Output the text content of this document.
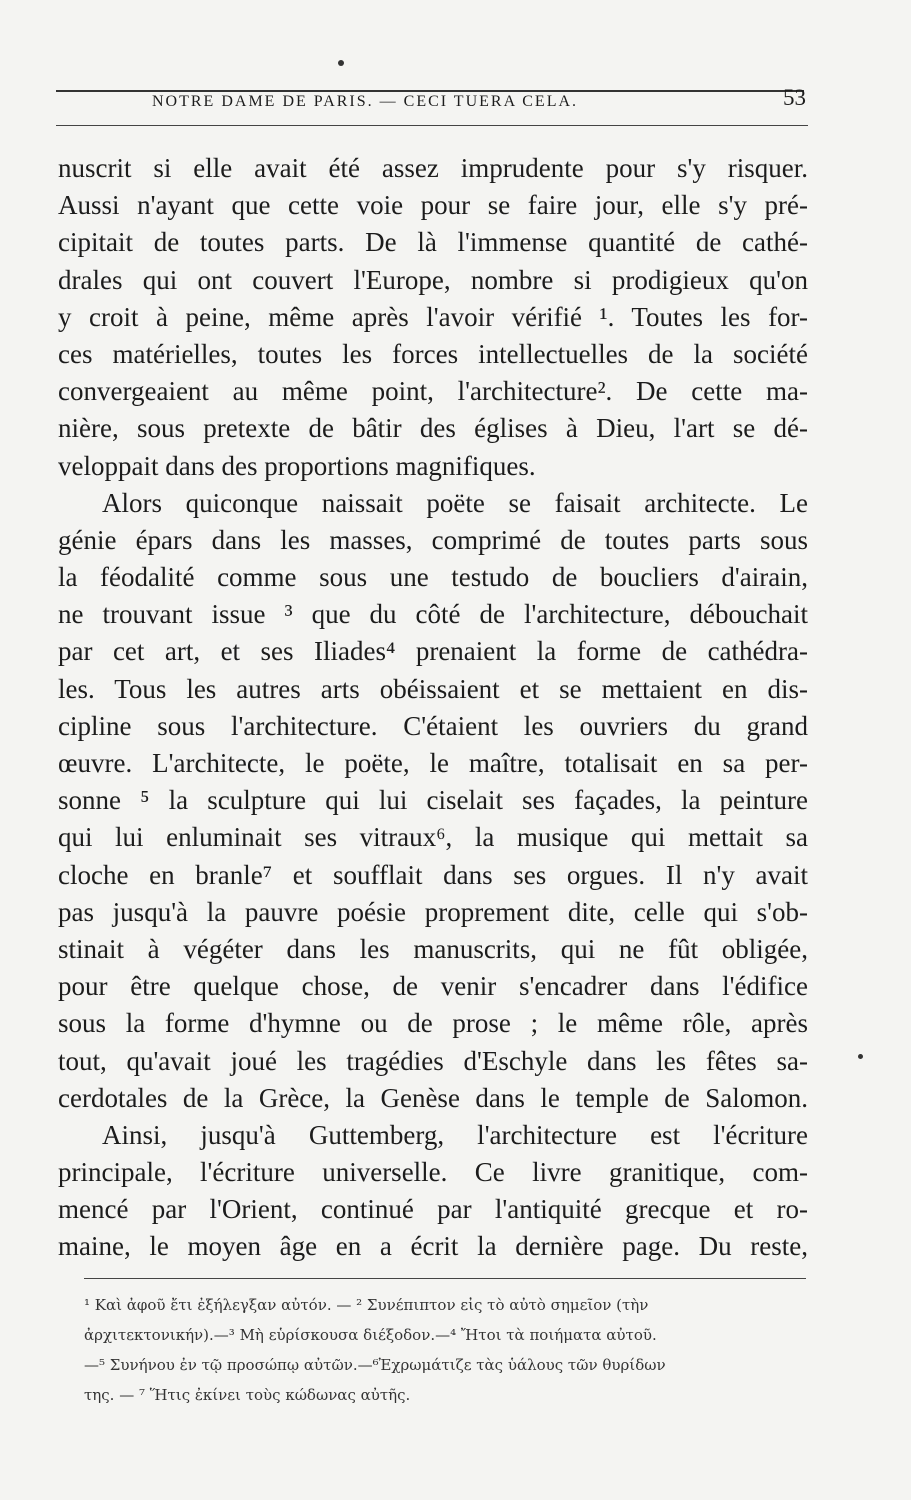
NOTRE DAME DE PARIS. — CECI TUERA CELA.	53
nuscrit si elle avait été assez imprudente pour s'y risquer.
Aussi n'ayant que cette voie pour se faire jour, elle s'y pré-
cipitait de toutes parts. De là l'immense quantité de cathé-
drales qui ont couvert l'Europe, nombre si prodigieux qu'on
y croit à peine, même après l'avoir vérifié ¹. Toutes les for-
ces matérielles, toutes les forces intellectuelles de la société
convergeaient au même point, l'architecture². De cette ma-
nière, sous pretexte de bâtir des églises à Dieu, l'art se dé-
veloppait dans des proportions magnifiques.
Alors quiconque naissait poëte se faisait architecte. Le
génie épars dans les masses, comprimé de toutes parts sous
la féodalité comme sous une testudo de boucliers d'airain,
ne trouvant issue ³ que du côté de l'architecture, débouchait
par cet art, et ses Iliades⁴ prenaient la forme de cathédra-
les. Tous les autres arts obéissaient et se mettaient en dis-
cipline sous l'architecture. C'étaient les ouvriers du grand
œuvre. L'architecte, le poëte, le maître, totalisait en sa per-
sonne ⁵ la sculpture qui lui ciselait ses façades, la peinture
qui lui enluminait ses vitraux⁶, la musique qui mettait sa
cloche en branle⁷ et soufflait dans ses orgues. Il n'y avait
pas jusqu'à la pauvre poésie proprement dite, celle qui s'ob-
stinait à végéter dans les manuscrits, qui ne fût obligée,
pour être quelque chose, de venir s'encadrer dans l'édifice
sous la forme d'hymne ou de prose ; le même rôle, après
tout, qu'avait joué les tragédies d'Eschyle dans les fêtes sa-
cerdotales de la Grèce, la Genèse dans le temple de Salomon.
Ainsi, jusqu'à Guttemberg, l'architecture est l'écriture
principale, l'écriture universelle. Ce livre granitique, com-
mencé par l'Orient, continué par l'antiquité grecque et ro-
maine, le moyen âge en a écrit la dernière page. Du reste,
¹ Καὶ ἀφοῦ ἔτι ἐξήλεγξαν αὐτόν. — ² Συνέπιπτον εἰς τὸ αὐτὸ σημεῖον (τὴν
ἀρχιτεκτονικήν).—³ Μὴ εὑρίσκουσα διέξοδον.—⁴ Ἤτοι τὰ ποιήματα αὐτοῦ.
—⁵ Συνήνου ἐν τῷ προσώπῳ αὐτῶν.—⁶Ἐχρωμάτιζε τὰς ὑάλους τῶν θυρίδων
της. — ⁷ Ἥτις ἐκίνει τοὺς κώδωνας αὐτῆς.
